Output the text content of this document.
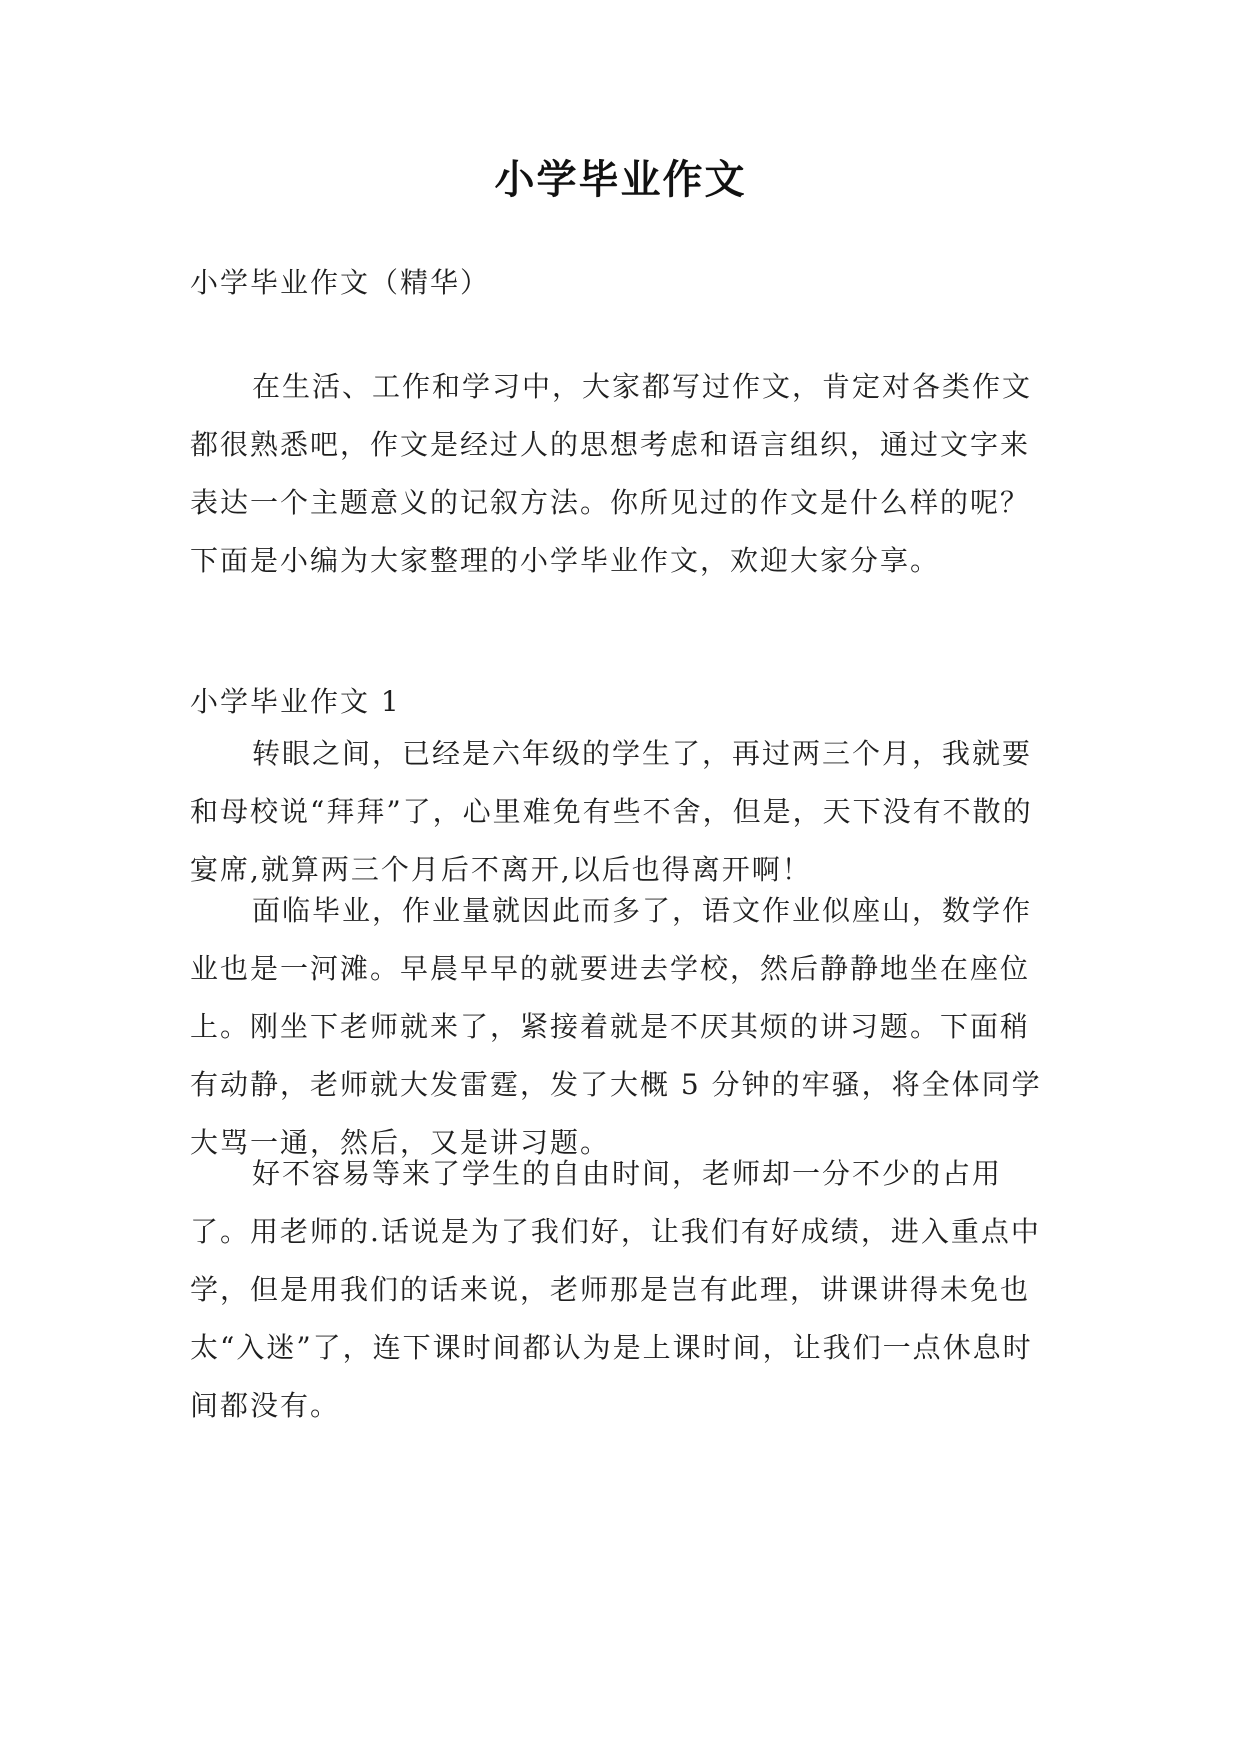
小学毕业作文

小学毕业作文（精华）

在生活、工作和学习中，大家都写过作文，肯定对各类作文都很熟悉吧，作文是经过人的思想考虑和语言组织，通过文字来表达一个主题意义的记叙方法。你所见过的作文是什么样的呢？下面是小编为大家整理的小学毕业作文，欢迎大家分享。

小学毕业作文 1

转眼之间，已经是六年级的学生了，再过两三个月，我就要和母校说“拜拜”了，心里难免有些不舍，但是，天下没有不散的宴席,就算两三个月后不离开,以后也得离开啊！

面临毕业，作业量就因此而多了，语文作业似座山，数学作业也是一河滩。早晨早早的就要进去学校，然后静静地坐在座位上。刚坐下老师就来了，紧接着就是不厌其烦的讲习题。下面稍有动静，老师就大发雷霆，发了大概 5 分钟的牢骚，将全体同学大骂一通，然后，又是讲习题。

好不容易等来了学生的自由时间，老师却一分不少的占用了。用老师的.话说是为了我们好，让我们有好成绩，进入重点中学，但是用我们的话来说，老师那是岂有此理，讲课讲得未免也太“入迷”了，连下课时间都认为是上课时间，让我们一点休息时间都没有。
